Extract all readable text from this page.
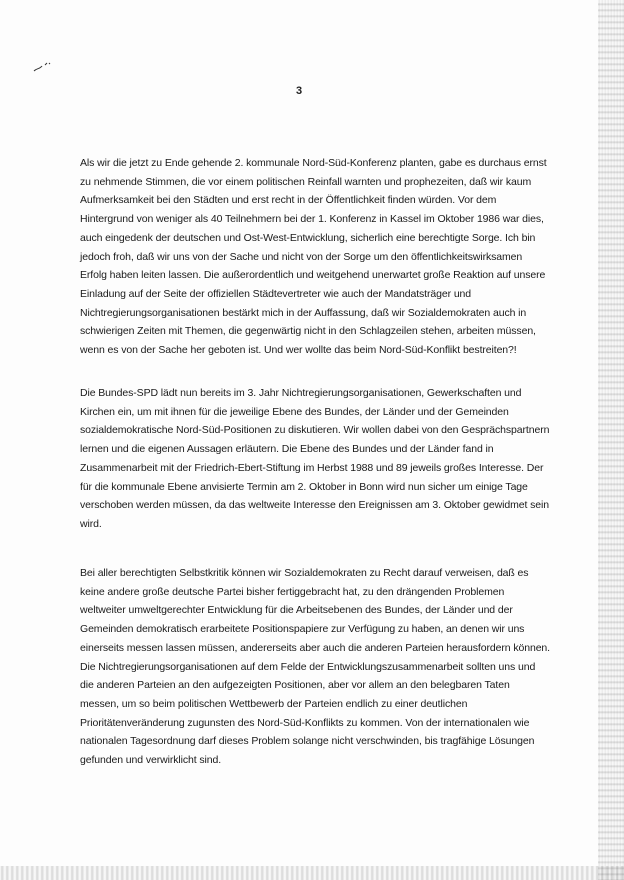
3

Als wir die jetzt zu Ende gehende 2. kommunale Nord-Süd-Konferenz planten, gabe es durchaus ernst zu nehmende Stimmen, die vor einem politischen Reinfall warnten und prophezeiten, daß wir kaum Aufmerksamkeit bei den Städten und erst recht in der Öffentlichkeit finden würden. Vor dem Hintergrund von weniger als 40 Teilnehmern bei der 1. Konferenz in Kassel im Oktober 1986 war dies, auch eingedenk der deutschen und Ost-West-Entwicklung, sicherlich eine berechtigte Sorge. Ich bin jedoch froh, daß wir uns von der Sache und nicht von der Sorge um den öffentlichkeitswirksamen Erfolg haben leiten lassen. Die außerordentlich und weitgehend unerwartet große Reaktion auf unsere Einladung auf der Seite der offiziellen Städtevertreter wie auch der Mandatsträger und Nichtregierungsorganisationen bestärkt mich in der Auffassung, daß wir Sozialdemokraten auch in schwierigen Zeiten mit Themen, die gegenwärtig nicht in den Schlagzeilen stehen, arbeiten müssen, wenn es von der Sache her geboten ist. Und wer wollte das beim Nord-Süd-Konflikt bestreiten?!

Die Bundes-SPD lädt nun bereits im 3. Jahr Nichtregierungsorganisationen, Gewerkschaften und Kirchen ein, um mit ihnen für die jeweilige Ebene des Bundes, der Länder und der Gemeinden sozialdemokratische Nord-Süd-Positionen zu diskutieren. Wir wollen dabei von den Gesprächspartnern lernen und die eigenen Aussagen erläutern. Die Ebene des Bundes und der Länder fand in Zusammenarbeit mit der Friedrich-Ebert-Stiftung im Herbst 1988 und 89 jeweils großes Interesse. Der für die kommunale Ebene anvisierte Termin am 2. Oktober in Bonn wird nun sicher um einige Tage verschoben werden müssen, da das weltweite Interesse den Ereignissen am 3. Oktober gewidmet sein wird.

Bei aller berechtigten Selbstkritik können wir Sozialdemokraten zu Recht darauf verweisen, daß es keine andere große deutsche Partei bisher fertiggebracht hat, zu den drängenden Problemen weltweiter umweltgerechter Entwicklung für die Arbeitsebenen des Bundes, der Länder und der Gemeinden demokratisch erarbeitete Positionspapiere zur Verfügung zu haben, an denen wir uns einerseits messen lassen müssen, andererseits aber auch die anderen Parteien herausfordern können. Die Nichtregierungsorganisationen auf dem Felde der Entwicklungszusammenarbeit sollten uns und die anderen Parteien an den aufgezeigten Positionen, aber vor allem an den belegbaren Taten messen, um so beim politischen Wettbewerb der Parteien endlich zu einer deutlichen Prioritätenveränderung zugunsten des Nord-Süd-Konflikts zu kommen. Von der internationalen wie nationalen Tagesordnung darf dieses Problem solange nicht verschwinden, bis tragfähige Lösungen gefunden und verwirklicht sind.
